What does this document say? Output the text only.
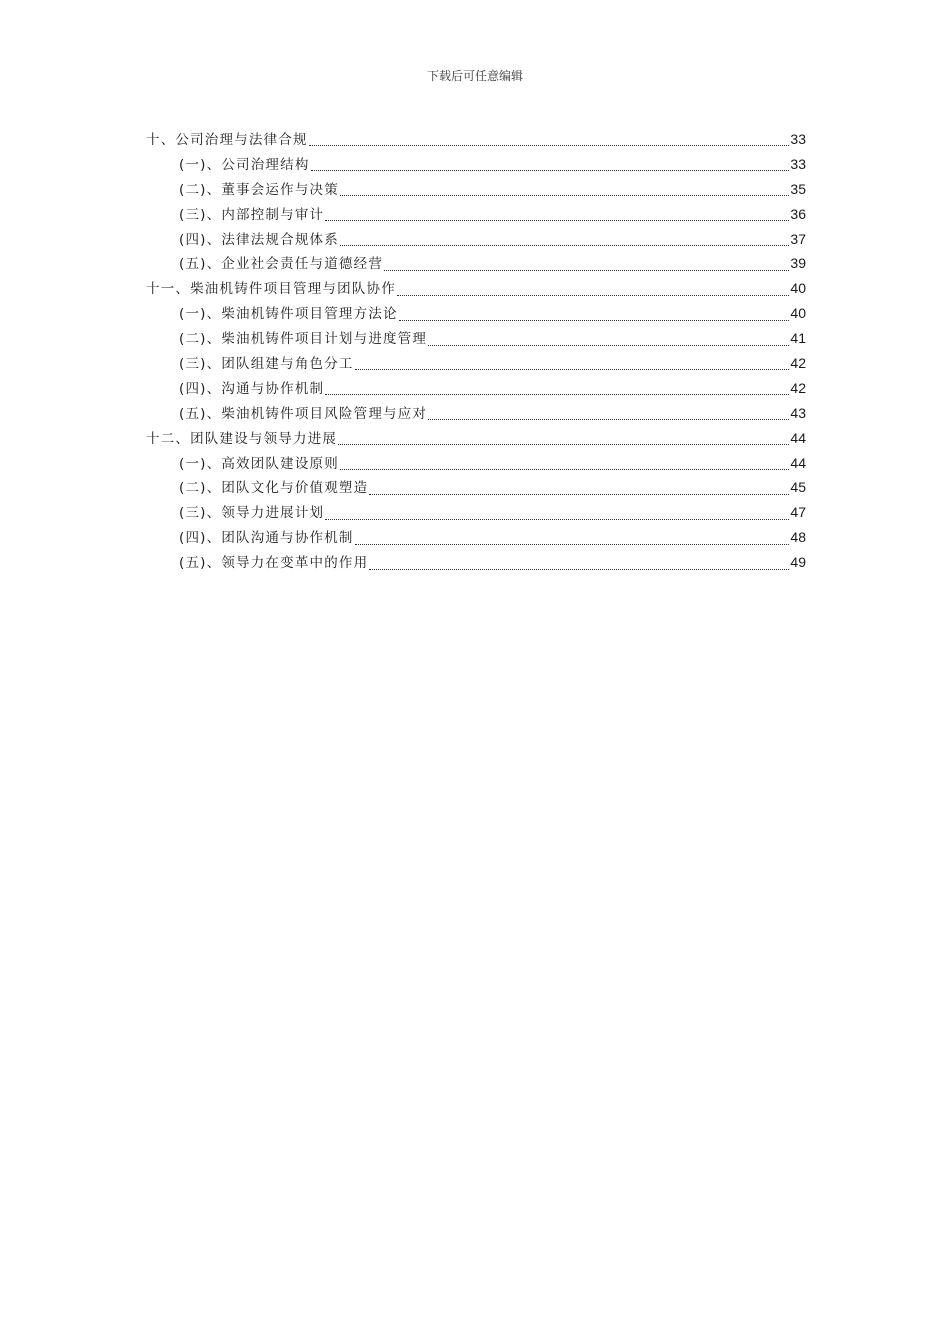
下载后可任意编辑
十、公司治理与法律合规	33
(一)、公司治理结构	33
(二)、董事会运作与决策	35
(三)、内部控制与审计	36
(四)、法律法规合规体系	37
(五)、企业社会责任与道德经营	39
十一、柴油机铸件项目管理与团队协作	40
(一)、柴油机铸件项目管理方法论	40
(二)、柴油机铸件项目计划与进度管理	41
(三)、团队组建与角色分工	42
(四)、沟通与协作机制	42
(五)、柴油机铸件项目风险管理与应对	43
十二、团队建设与领导力进展	44
(一)、高效团队建设原则	44
(二)、团队文化与价值观塑造	45
(三)、领导力进展计划	47
(四)、团队沟通与协作机制	48
(五)、领导力在变革中的作用	49
